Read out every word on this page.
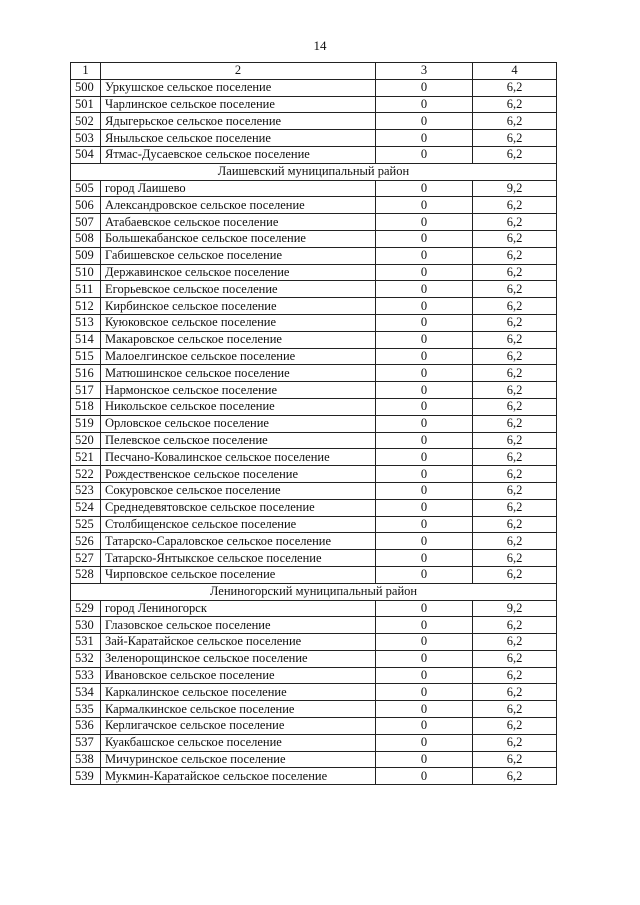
14
1	2	3	4
500	Уркушское сельское поселение	0	6,2
501	Чарлинское сельское поселение	0	6,2
502	Ядыгерьское сельское поселение	0	6,2
503	Яныльское сельское поселение	0	6,2
504	Ятмас-Дусаевское сельское поселение	0	6,2
Лаишевский муниципальный район			
505	город Лаишево	0	9,2
506	Александровское сельское поселение	0	6,2
507	Атабаевское сельское поселение	0	6,2
508	Большекабанское сельское поселение	0	6,2
509	Габишевское сельское поселение	0	6,2
510	Державинское сельское поселение	0	6,2
511	Егорьевское сельское поселение	0	6,2
512	Кирбинское сельское поселение	0	6,2
513	Куюковское сельское поселение	0	6,2
514	Макаровское сельское поселение	0	6,2
515	Малоелгинское сельское поселение	0	6,2
516	Матюшинское сельское поселение	0	6,2
517	Нармонское сельское поселение	0	6,2
518	Никольское сельское поселение	0	6,2
519	Орловское сельское поселение	0	6,2
520	Пелевское сельское поселение	0	6,2
521	Песчано-Ковалинское сельское поселение	0	6,2
522	Рождественское сельское поселение	0	6,2
523	Сокуровское сельское поселение	0	6,2
524	Среднедевятовское сельское поселение	0	6,2
525	Столбищенское сельское поселение	0	6,2
526	Татарско-Сараловское сельское поселение	0	6,2
527	Татарско-Янтыкское сельское поселение	0	6,2
528	Чирповское сельское поселение	0	6,2
Лениногорский муниципальный район			
529	город Лениногорск	0	9,2
530	Глазовское сельское поселение	0	6,2
531	Зай-Каратайское сельское поселение	0	6,2
532	Зеленорощинское сельское поселение	0	6,2
533	Ивановское сельское поселение	0	6,2
534	Каркалинское сельское поселение	0	6,2
535	Кармалкинское сельское поселение	0	6,2
536	Керлигачское сельское поселение	0	6,2
537	Куакбашское сельское поселение	0	6,2
538	Мичуринское сельское поселение	0	6,2
539	Мукмин-Каратайское сельское поселение	0	6,2
